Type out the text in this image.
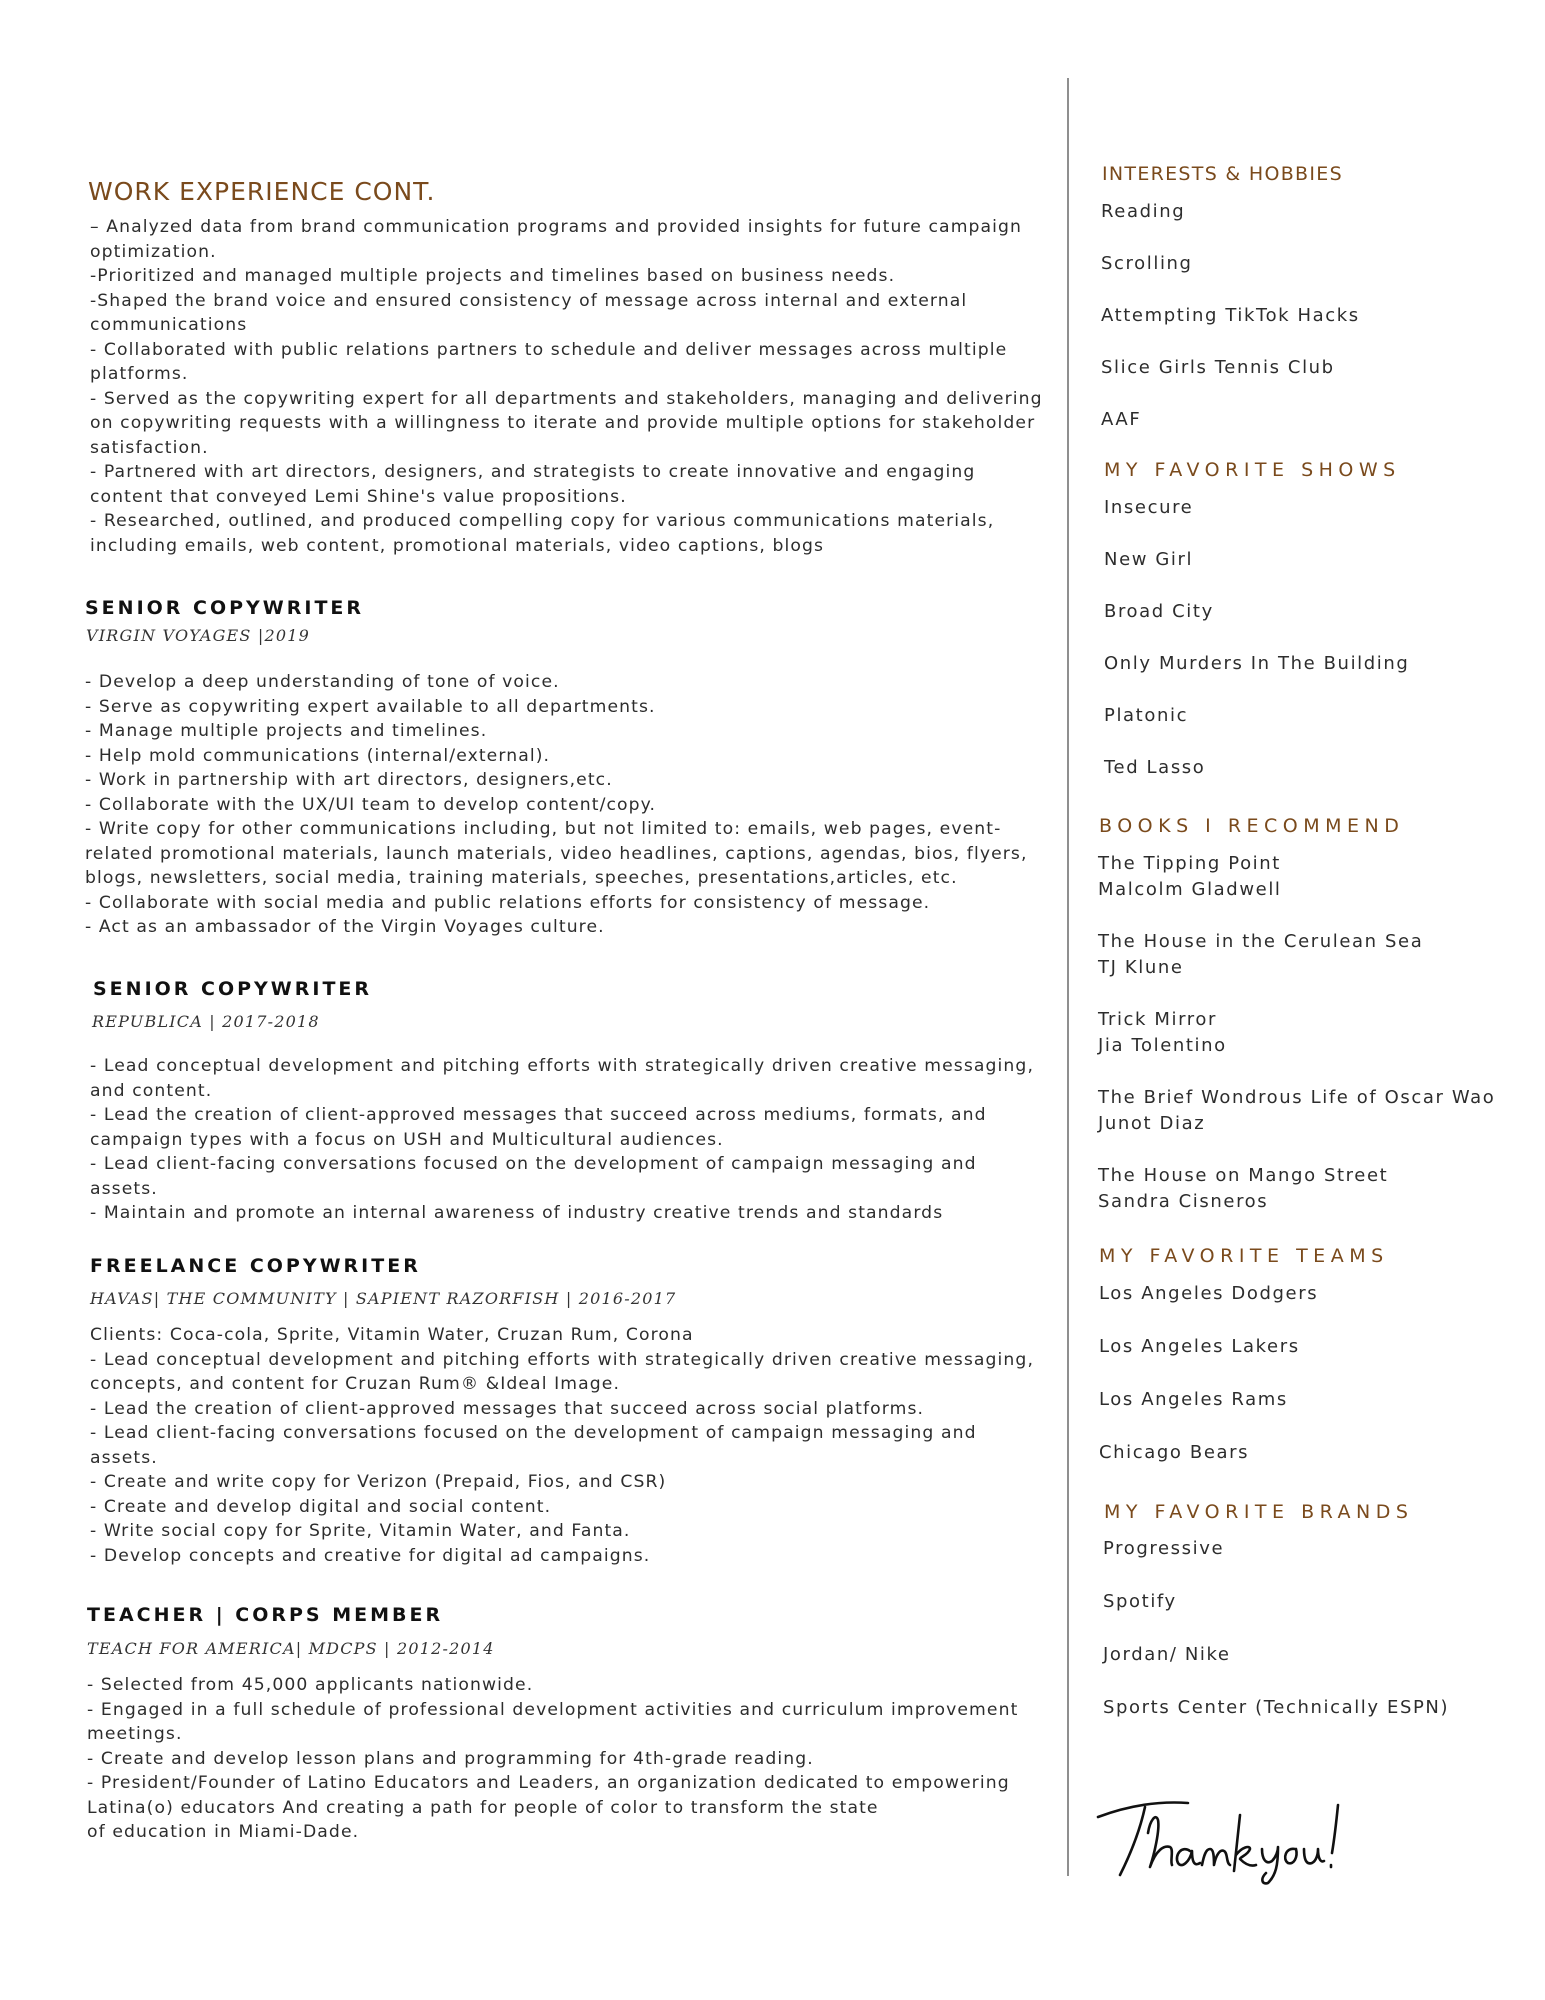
WORK EXPERIENCE CONT.

– Analyzed data from brand communication programs and provided insights for future campaign
optimization.
-Prioritized and managed multiple projects and timelines based on business needs.
-Shaped the brand voice and ensured consistency of message across internal and external
communications
- Collaborated with public relations partners to schedule and deliver messages across multiple
platforms.
- Served as the copywriting expert for all departments and stakeholders, managing and delivering
on copywriting requests with a willingness to iterate and provide multiple options for stakeholder
satisfaction.
- Partnered with art directors, designers, and strategists to create innovative and engaging
content that conveyed Lemi Shine's value propositions.
- Researched, outlined, and produced compelling copy for various communications materials,
including emails, web content, promotional materials, video captions, blogs

SENIOR COPYWRITER

VIRGIN VOYAGES |2019

- Develop a deep understanding of tone of voice.
- Serve as copywriting expert available to all departments.
- Manage multiple projects and timelines.
- Help mold communications (internal/external).
- Work in partnership with art directors, designers,etc.
- Collaborate with the UX/UI team to develop content/copy.
- Write copy for other communications including, but not limited to: emails, web pages, event-
related promotional materials, launch materials, video headlines, captions, agendas, bios, flyers,
blogs, newsletters, social media, training materials, speeches, presentations,articles, etc.
- Collaborate with social media and public relations efforts for consistency of message.
- Act as an ambassador of the Virgin Voyages culture.

SENIOR COPYWRITER

REPUBLICA | 2017-2018

- Lead conceptual development and pitching efforts with strategically driven creative messaging,
and content.
- Lead the creation of client-approved messages that succeed across mediums, formats, and
campaign types with a focus on USH and Multicultural audiences.
- Lead client-facing conversations focused on the development of campaign messaging and
assets.
- Maintain and promote an internal awareness of industry creative trends and standards

FREELANCE COPYWRITER

HAVAS| THE COMMUNITY | SAPIENT RAZORFISH | 2016-2017

Clients: Coca-cola, Sprite, Vitamin Water, Cruzan Rum, Corona
- Lead conceptual development and pitching efforts with strategically driven creative messaging,
concepts, and content for Cruzan Rum® &Ideal Image.
- Lead the creation of client-approved messages that succeed across social platforms.
- Lead client-facing conversations focused on the development of campaign messaging and
assets.
- Create and write copy for Verizon (Prepaid, Fios, and CSR)
- Create and develop digital and social content.
- Write social copy for Sprite, Vitamin Water, and Fanta.
- Develop concepts and creative for digital ad campaigns.

TEACHER | CORPS MEMBER

TEACH FOR AMERICA| MDCPS | 2012-2014

- Selected from 45,000 applicants nationwide.
- Engaged in a full schedule of professional development activities and curriculum improvement
meetings.
- Create and develop lesson plans and programming for 4th-grade reading.
- President/Founder of Latino Educators and Leaders, an organization dedicated to empowering
Latina(o) educators And creating a path for people of color to transform the state
of education in Miami-Dade.

INTERESTS & HOBBIES
Reading
Scrolling
Attempting TikTok Hacks
Slice Girls Tennis Club
AAF
MY FAVORITE SHOWS
Insecure
New Girl
Broad City
Only Murders In The Building
Platonic
Ted Lasso
BOOKS I RECOMMEND
The Tipping Point
Malcolm Gladwell
The House in the Cerulean Sea
TJ Klune
Trick Mirror
Jia Tolentino
The Brief Wondrous Life of Oscar Wao
Junot Diaz
The House on Mango Street
Sandra Cisneros
MY FAVORITE TEAMS
Los Angeles Dodgers
Los Angeles Lakers
Los Angeles Rams
Chicago Bears
MY FAVORITE BRANDS
Progressive
Spotify
Jordan/ Nike
Sports Center (Technically ESPN)
